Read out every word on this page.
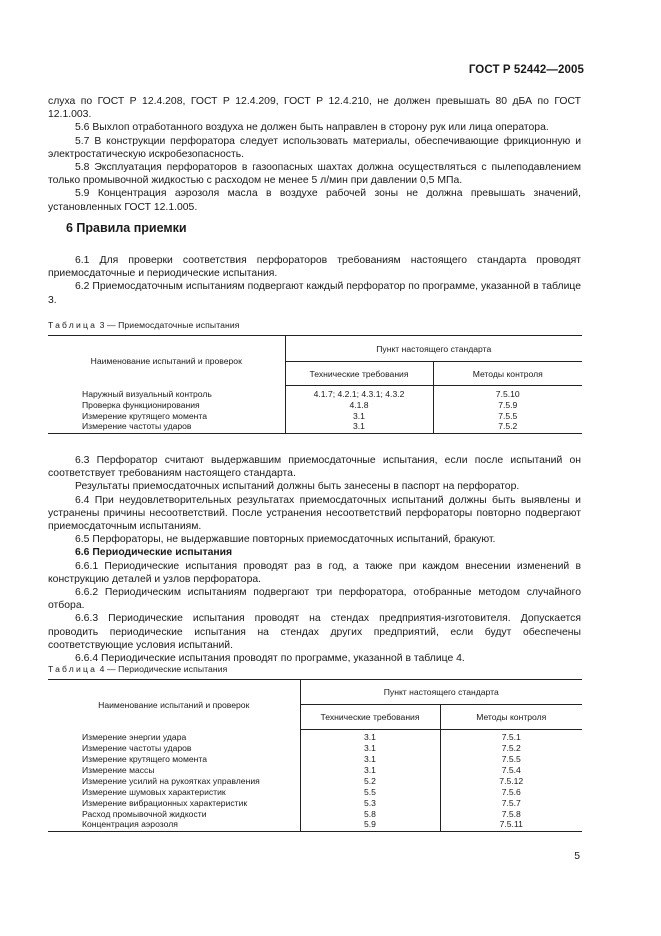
ГОСТ Р 52442—2005

слуха по ГОСТ Р 12.4.208, ГОСТ Р 12.4.209, ГОСТ Р 12.4.210, не должен превышать 80 дБА по ГОСТ 12.1.003.

5.6 Выхлоп отработанного воздуха не должен быть направлен в сторону рук или лица оператора.

5.7 В конструкции перфоратора следует использовать материалы, обеспечивающие фрикционную и электростатическую искробезопасность.

5.8 Эксплуатация перфораторов в газоопасных шахтах должна осуществляться с пылеподавлением только промывочной жидкостью с расходом не менее 5 л/мин при давлении 0,5 МПа.

5.9 Концентрация аэрозоля масла в воздухе рабочей зоны не должна превышать значений, установленных ГОСТ 12.1.005.

6 Правила приемки

6.1 Для проверки соответствия перфораторов требованиям настоящего стандарта проводят приемосдаточные и периодические испытания.

6.2 Приемосдаточным испытаниям подвергают каждый перфоратор по программе, указанной в таблице 3.

Таблица 3 — Приемосдаточные испытания
Наименование испытаний и проверок	Пункт настоящего стандарта	
	Технические требования	Методы контроля
Наружный визуальный контроль	4.1.7; 4.2.1; 4.3.1; 4.3.2	7.5.10
Проверка функционирования	4.1.8	7.5.9
Измерение крутящего момента	3.1	7.5.5
Измерение частоты ударов	3.1	7.5.2

6.3 Перфоратор считают выдержавшим приемосдаточные испытания, если после испытаний он соответствует требованиям настоящего стандарта.

Результаты приемосдаточных испытаний должны быть занесены в паспорт на перфоратор.

6.4 При неудовлетворительных результатах приемосдаточных испытаний должны быть выявлены и устранены причины несоответствий. После устранения несоответствий перфораторы повторно подвергают приемосдаточным испытаниям.

6.5 Перфораторы, не выдержавшие повторных приемосдаточных испытаний, бракуют.

6.6 Периодические испытания

6.6.1 Периодические испытания проводят раз в год, а также при каждом внесении изменений в конструкцию деталей и узлов перфоратора.

6.6.2 Периодическим испытаниям подвергают три перфоратора, отобранные методом случайного отбора.

6.6.3 Периодические испытания проводят на стендах предприятия-изготовителя. Допускается проводить периодические испытания на стендах других предприятий, если будут обеспечены соответствующие условия испытаний.

6.6.4 Периодические испытания проводят по программе, указанной в таблице 4.

Таблица 4 — Периодические испытания
Наименование испытаний и проверок	Пункт настоящего стандарта	
	Технические требования	Методы контроля
Измерение энергии удара	3.1	7.5.1
Измерение частоты ударов	3.1	7.5.2
Измерение крутящего момента	3.1	7.5.5
Измерение массы	3.1	7.5.4
Измерение усилий на рукоятках управления	5.2	7.5.12
Измерение шумовых характеристик	5.5	7.5.6
Измерение вибрационных характеристик	5.3	7.5.7
Расход промывочной жидкости	5.8	7.5.8
Концентрация аэрозоля	5.9	7.5.11
5
